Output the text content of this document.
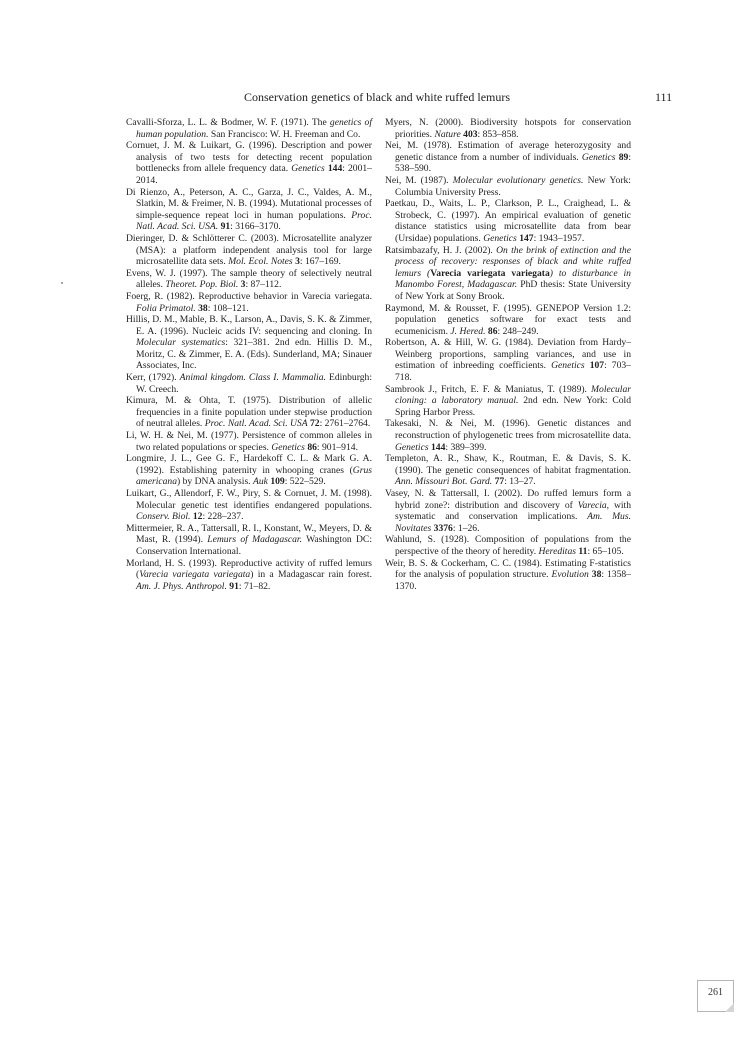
Conservation genetics of black and white ruffed lemurs	111

Cavalli-Sforza, L. L. & Bodmer, W. F. (1971). The genetics of human population. San Francisco: W. H. Freeman and Co.

Cornuet, J. M. & Luikart, G. (1996). Description and power analysis of two tests for detecting recent population bottlenecks from allele frequency data. Genetics 144: 2001–2014.

Di Rienzo, A., Peterson, A. C., Garza, J. C., Valdes, A. M., Slatkin, M. & Freimer, N. B. (1994). Mutational processes of simple-sequence repeat loci in human populations. Proc. Natl. Acad. Sci. USA. 91: 3166–3170.

Dieringer, D. & Schlötterer C. (2003). Microsatellite analyzer (MSA): a platform independent analysis tool for large microsatellite data sets. Mol. Ecol. Notes 3: 167–169.

Evens, W. J. (1997). The sample theory of selectively neutral alleles. Theoret. Pop. Biol. 3: 87–112.

Foerg, R. (1982). Reproductive behavior in Varecia variegata. Folia Primatol. 38: 108–121.

Hillis, D. M., Mable, B. K., Larson, A., Davis, S. K. & Zimmer, E. A. (1996). Nucleic acids IV: sequencing and cloning. In Molecular systematics: 321–381. 2nd edn. Hillis D. M., Moritz, C. & Zimmer, E. A. (Eds). Sunderland, MA; Sinauer Associates, Inc.

Kerr, (1792). Animal kingdom. Class I. Mammalia. Edinburgh: W. Creech.

Kimura, M. & Ohta, T. (1975). Distribution of allelic frequencies in a finite population under stepwise production of neutral alleles. Proc. Natl. Acad. Sci. USA 72: 2761–2764.

Li, W. H. & Nei, M. (1977). Persistence of common alleles in two related populations or species. Genetics 86: 901–914.

Longmire, J. L., Gee G. F., Hardekoff C. L. & Mark G. A. (1992). Establishing paternity in whooping cranes (Grus americana) by DNA analysis. Auk 109: 522–529.

Luikart, G., Allendorf, F. W., Piry, S. & Cornuet, J. M. (1998). Molecular genetic test identifies endangered populations. Conserv. Biol. 12: 228–237.

Mittermeier, R. A., Tattersall, R. I., Konstant, W., Meyers, D. & Mast, R. (1994). Lemurs of Madagascar. Washington DC: Conservation International.

Morland, H. S. (1993). Reproductive activity of ruffed lemurs (Varecia variegata variegata) in a Madagascar rain forest. Am. J. Phys. Anthropol. 91: 71–82.

Myers, N. (2000). Biodiversity hotspots for conservation priorities. Nature 403: 853–858.

Nei, M. (1978). Estimation of average heterozygosity and genetic distance from a number of individuals. Genetics 89: 538–590.

Nei, M. (1987). Molecular evolutionary genetics. New York: Columbia University Press.

Paetkau, D., Waits, L. P., Clarkson, P. L., Craighead, L. & Strobeck, C. (1997). An empirical evaluation of genetic distance statistics using microsatellite data from bear (Ursidae) populations. Genetics 147: 1943–1957.

Ratsimbazafy, H. J. (2002). On the brink of extinction and the process of recovery: responses of black and white ruffed lemurs (Varecia variegata variegata) to disturbance in Manombo Forest, Madagascar. PhD thesis: State University of New York at Sony Brook.

Raymond, M. & Rousset, F. (1995). GENEPOP Version 1.2: population genetics software for exact tests and ecumenicism. J. Hered. 86: 248–249.

Robertson, A. & Hill, W. G. (1984). Deviation from Hardy–Weinberg proportions, sampling variances, and use in estimation of inbreeding coefficients. Genetics 107: 703–718.

Sambrook J., Fritch, E. F. & Maniatus, T. (1989). Molecular cloning: a laboratory manual. 2nd edn. New York: Cold Spring Harbor Press.

Takesaki, N. & Nei, M. (1996). Genetic distances and reconstruction of phylogenetic trees from microsatellite data. Genetics 144: 389–399.

Templeton, A. R., Shaw, K., Routman, E. & Davis, S. K. (1990). The genetic consequences of habitat fragmentation. Ann. Missouri Bot. Gard. 77: 13–27.

Vasey, N. & Tattersall, I. (2002). Do ruffed lemurs form a hybrid zone?: distribution and discovery of Varecia, with systematic and conservation implications. Am. Mus. Novitates 3376: 1–26.

Wahlund, S. (1928). Composition of populations from the perspective of the theory of heredity. Hereditas 11: 65–105.

Weir, B. S. & Cockerham, C. C. (1984). Estimating F-statistics for the analysis of population structure. Evolution 38: 1358–1370.

261
